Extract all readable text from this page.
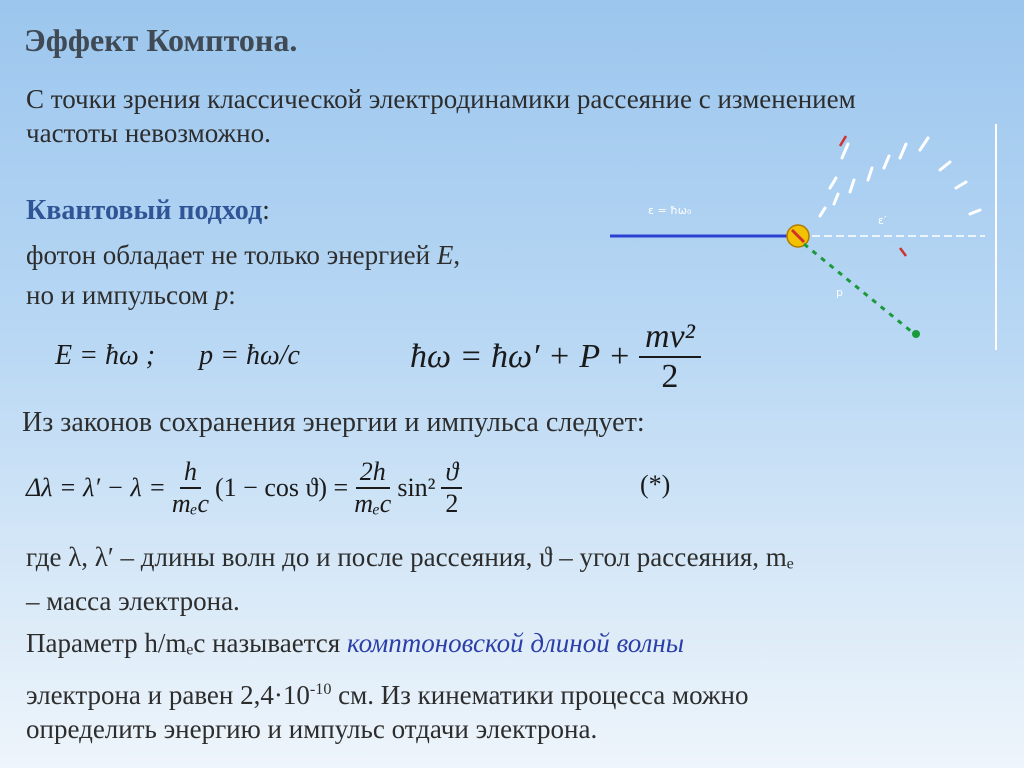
Эффект Комптона.
С точки зрения классической электродинамики рассеяние с изменением частоты невозможно.
Квантовый подход:
фотон обладает не только энергией E,
но и импульсом p:
E = ħω ; p = ħω/c	ħω = ħω′ + $P + \frac{\text{mv²}}{2}$
Из законов сохранения энергии и импульса следует:
Δλ = λ′ − λ =
h
mₑc
(1 − cos ϑ) =
2h
mₑc
$\sin^2 \frac{ϑ}{2}$	(*)
где λ, λ′ – длины волн до и после рассеяния, ϑ – угол рассеяния, mₑ
– масса электрона.
Параметр h/mₑc называется комптоновской длиной волны
электрона и равен $2,4\cdot 10^{-10}$ см. Из кинематики процесса можно
определить энергию и импульс отдачи электрона.
ε = ħω₀
ε′
p
